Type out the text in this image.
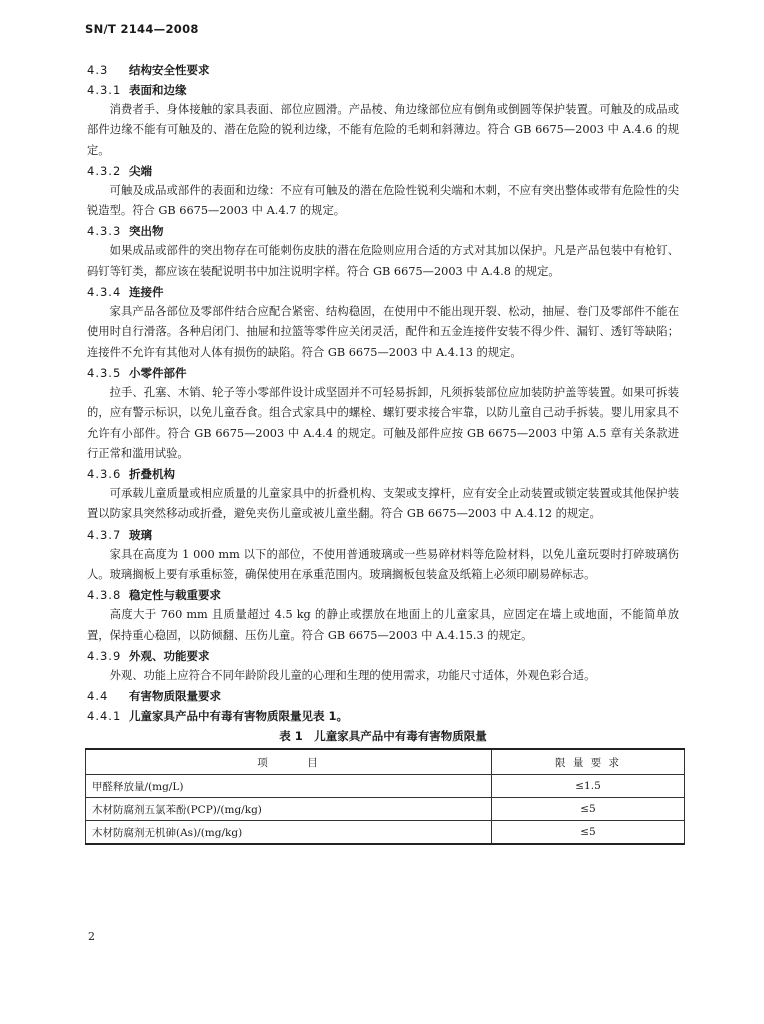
SN/T 2144—2008
4.3 结构安全性要求
4.3.1 表面和边缘
消费者手、身体接触的家具表面、部位应圆滑。产品棱、角边缘部位应有倒角或倒圆等保护装置。可触及的成品或部件边缘不能有可触及的、潜在危险的锐利边缘，不能有危险的毛刺和斜薄边。符合 GB 6675—2003 中 A.4.6 的规定。
4.3.2 尖端
可触及成品或部件的表面和边缘：不应有可触及的潜在危险性锐利尖端和木刺，不应有突出整体或带有危险性的尖锐造型。符合 GB 6675—2003 中 A.4.7 的规定。
4.3.3 突出物
如果成品或部件的突出物存在可能刺伤皮肤的潜在危险则应用合适的方式对其加以保护。凡是产品包装中有枪钉、码钉等钉类，都应该在装配说明书中加注说明字样。符合 GB 6675—2003 中 A.4.8 的规定。
4.3.4 连接件
家具产品各部位及零部件结合应配合紧密、结构稳固，在使用中不能出现开裂、松动，抽屉、卷门及零部件不能在使用时自行滑落。各种启闭门、抽屉和拉篮等零件应关闭灵活，配件和五金连接件安装不得少件、漏钉、透钉等缺陷；连接件不允许有其他对人体有损伤的缺陷。符合 GB 6675—2003 中 A.4.13 的规定。
4.3.5 小零件部件
拉手、孔塞、木销、轮子等小零部件设计成坚固并不可轻易拆卸，凡须拆装部位应加装防护盖等装置。如果可拆装的，应有警示标识，以免儿童吞食。组合式家具中的螺栓、螺钉要求接合牢靠，以防儿童自己动手拆装。婴儿用家具不允许有小部件。符合 GB 6675—2003 中 A.4.4 的规定。可触及部件应按 GB 6675—2003 中第 A.5 章有关条款进行正常和滥用试验。
4.3.6 折叠机构
可承载儿童质量或相应质量的儿童家具中的折叠机构、支架或支撑杆，应有安全止动装置或锁定装置或其他保护装置以防家具突然移动或折叠，避免夹伤儿童或被儿童坐翻。符合 GB 6675—2003 中 A.4.12 的规定。
4.3.7 玻璃
家具在高度为 1 000 mm 以下的部位，不使用普通玻璃或一些易碎材料等危险材料，以免儿童玩耍时打碎玻璃伤人。玻璃搁板上要有承重标签，确保使用在承重范围内。玻璃搁板包装盒及纸箱上必须印刷易碎标志。
4.3.8 稳定性与载重要求
高度大于 760 mm 且质量超过 4.5 kg 的静止或摆放在地面上的儿童家具，应固定在墙上或地面，不能简单放置，保持重心稳固，以防倾翻、压伤儿童。符合 GB 6675—2003 中 A.4.15.3 的规定。
4.3.9 外观、功能要求
外观、功能上应符合不同年龄阶段儿童的心理和生理的使用需求，功能尺寸适体，外观色彩合适。
4.4 有害物质限量要求
4.4.1 儿童家具产品中有毒有害物质限量见表 1。
表 1　儿童家具产品中有毒有害物质限量
项　　　目	限 量 要 求
甲醛释放量/(mg/L)	≤1.5
木材防腐剂五氯苯酚(PCP)/(mg/kg)	≤5
木材防腐剂无机砷(As)/(mg/kg)	≤5
2
